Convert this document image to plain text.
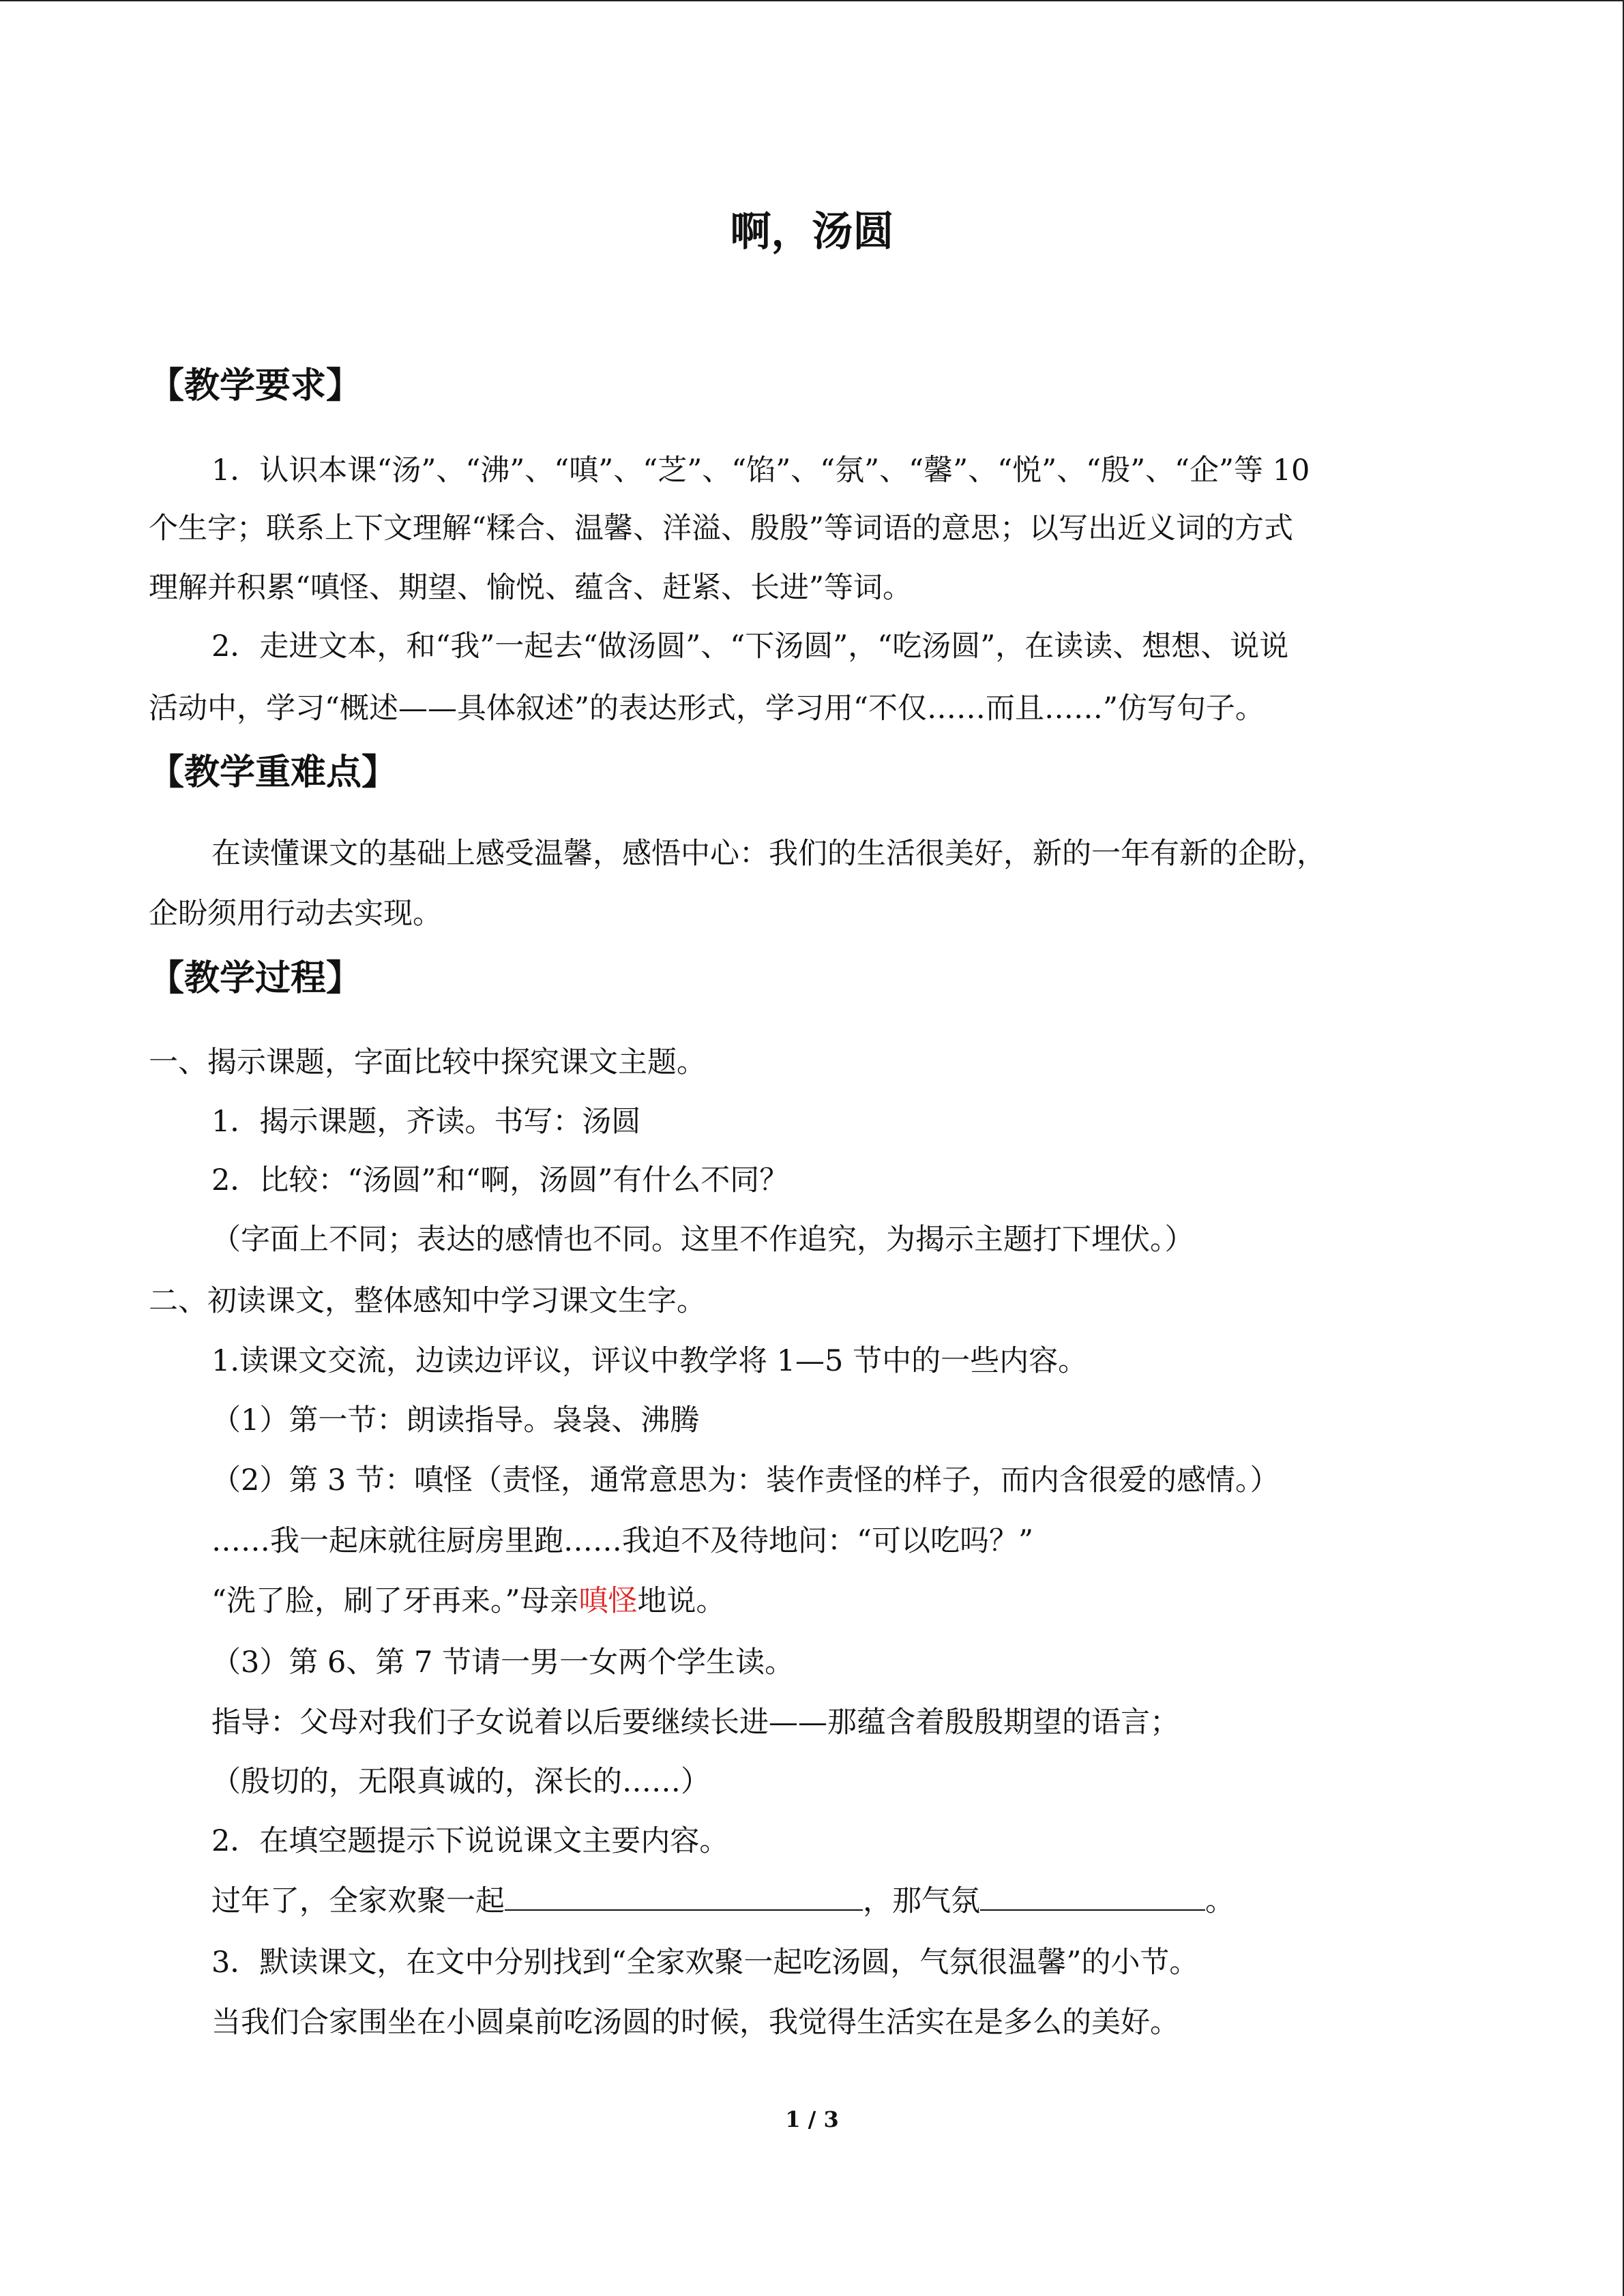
啊，汤圆
【教学要求】
1．认识本课“汤”、“沸”、“嗔”、“芝”、“馅”、“氛”、“馨”、“悦”、“殷”、“企”等 10
个生字；联系上下文理解“糅合、温馨、洋溢、殷殷”等词语的意思；以写出近义词的方式
理解并积累“嗔怪、期望、愉悦、蕴含、赶紧、长进”等词。
2．走进文本，和“我”一起去“做汤圆”、“下汤圆”，“吃汤圆”，在读读、想想、说说
活动中，学习“概述——具体叙述”的表达形式，学习用“不仅……而且……”仿写句子。
【教学重难点】
在读懂课文的基础上感受温馨，感悟中心：我们的生活很美好，新的一年有新的企盼，
企盼须用行动去实现。
【教学过程】
一、揭示课题，字面比较中探究课文主题。
1．揭示课题，齐读。书写：汤圆
2．比较：“汤圆”和“啊，汤圆”有什么不同？
（字面上不同；表达的感情也不同。这里不作追究，为揭示主题打下埋伏。）
二、初读课文，整体感知中学习课文生字。
1.读课文交流，边读边评议，评议中教学将 1—5 节中的一些内容。
（1）第一节：朗读指导。袅袅、沸腾
（2）第 3 节：嗔怪（责怪，通常意思为：装作责怪的样子，而内含很爱的感情。）
……我一起床就往厨房里跑……我迫不及待地问：“可以吃吗？”
“洗了脸，刷了牙再来。”母亲嗔怪地说。
（3）第 6、第 7 节请一男一女两个学生读。
指导：父母对我们子女说着以后要继续长进——那蕴含着殷殷期望的语言；
（殷切的，无限真诚的，深长的……）
2．在填空题提示下说说课文主要内容。
过年了，全家欢聚一起	，那气氛	。
3．默读课文，在文中分别找到“全家欢聚一起吃汤圆，气氛很温馨”的小节。
当我们合家围坐在小圆桌前吃汤圆的时候，我觉得生活实在是多么的美好。
1 / 3
